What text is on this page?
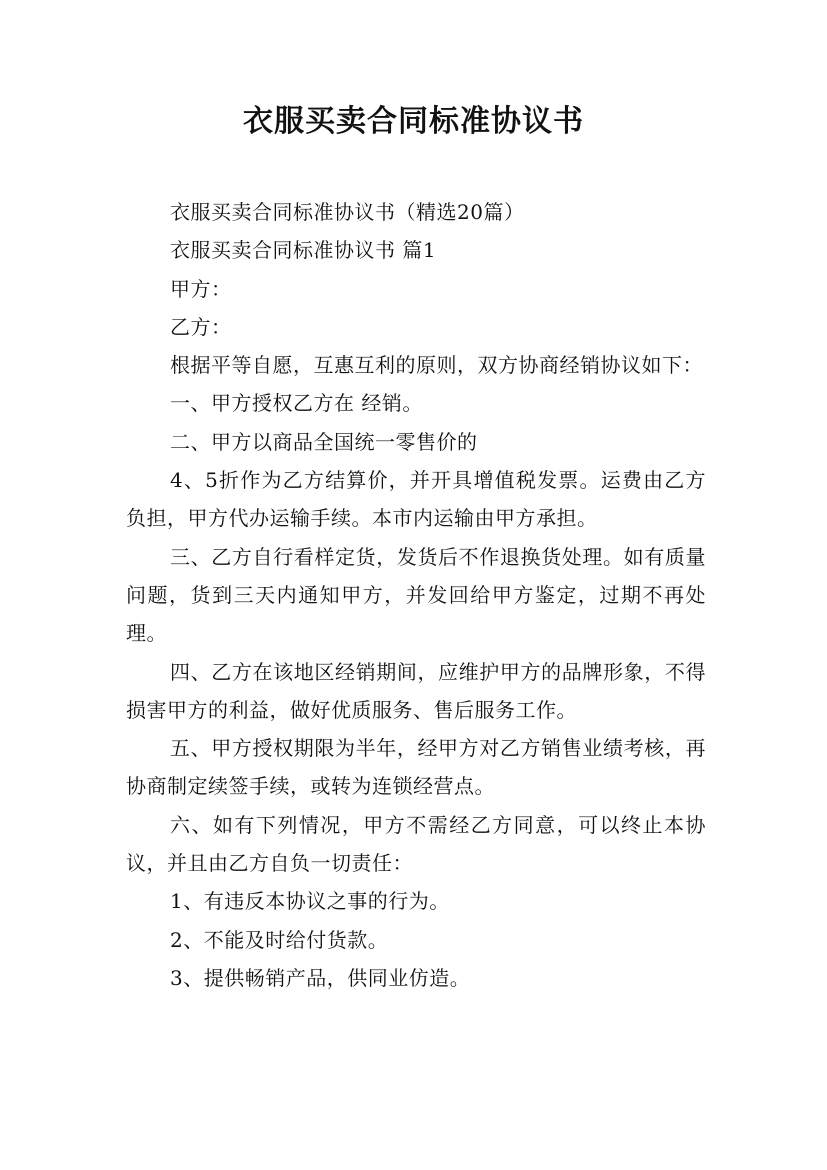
衣服买卖合同标准协议书

衣服买卖合同标准协议书（精选20篇）

衣服买卖合同标准协议书 篇1

甲方：

乙方：

根据平等自愿，互惠互利的原则，双方协商经销协议如下：

一、甲方授权乙方在 经销。

二、甲方以商品全国统一零售价的

4、5折作为乙方结算价，并开具增值税发票。运费由乙方负担，甲方代办运输手续。本市内运输由甲方承担。

三、乙方自行看样定货，发货后不作退换货处理。如有质量问题，货到三天内通知甲方，并发回给甲方鉴定，过期不再处理。

四、乙方在该地区经销期间，应维护甲方的品牌形象，不得损害甲方的利益，做好优质服务、售后服务工作。

五、甲方授权期限为半年，经甲方对乙方销售业绩考核，再协商制定续签手续，或转为连锁经营点。

六、如有下列情况，甲方不需经乙方同意，可以终止本协议，并且由乙方自负一切责任：

1、有违反本协议之事的行为。

2、不能及时给付货款。

3、提供畅销产品，供同业仿造。
